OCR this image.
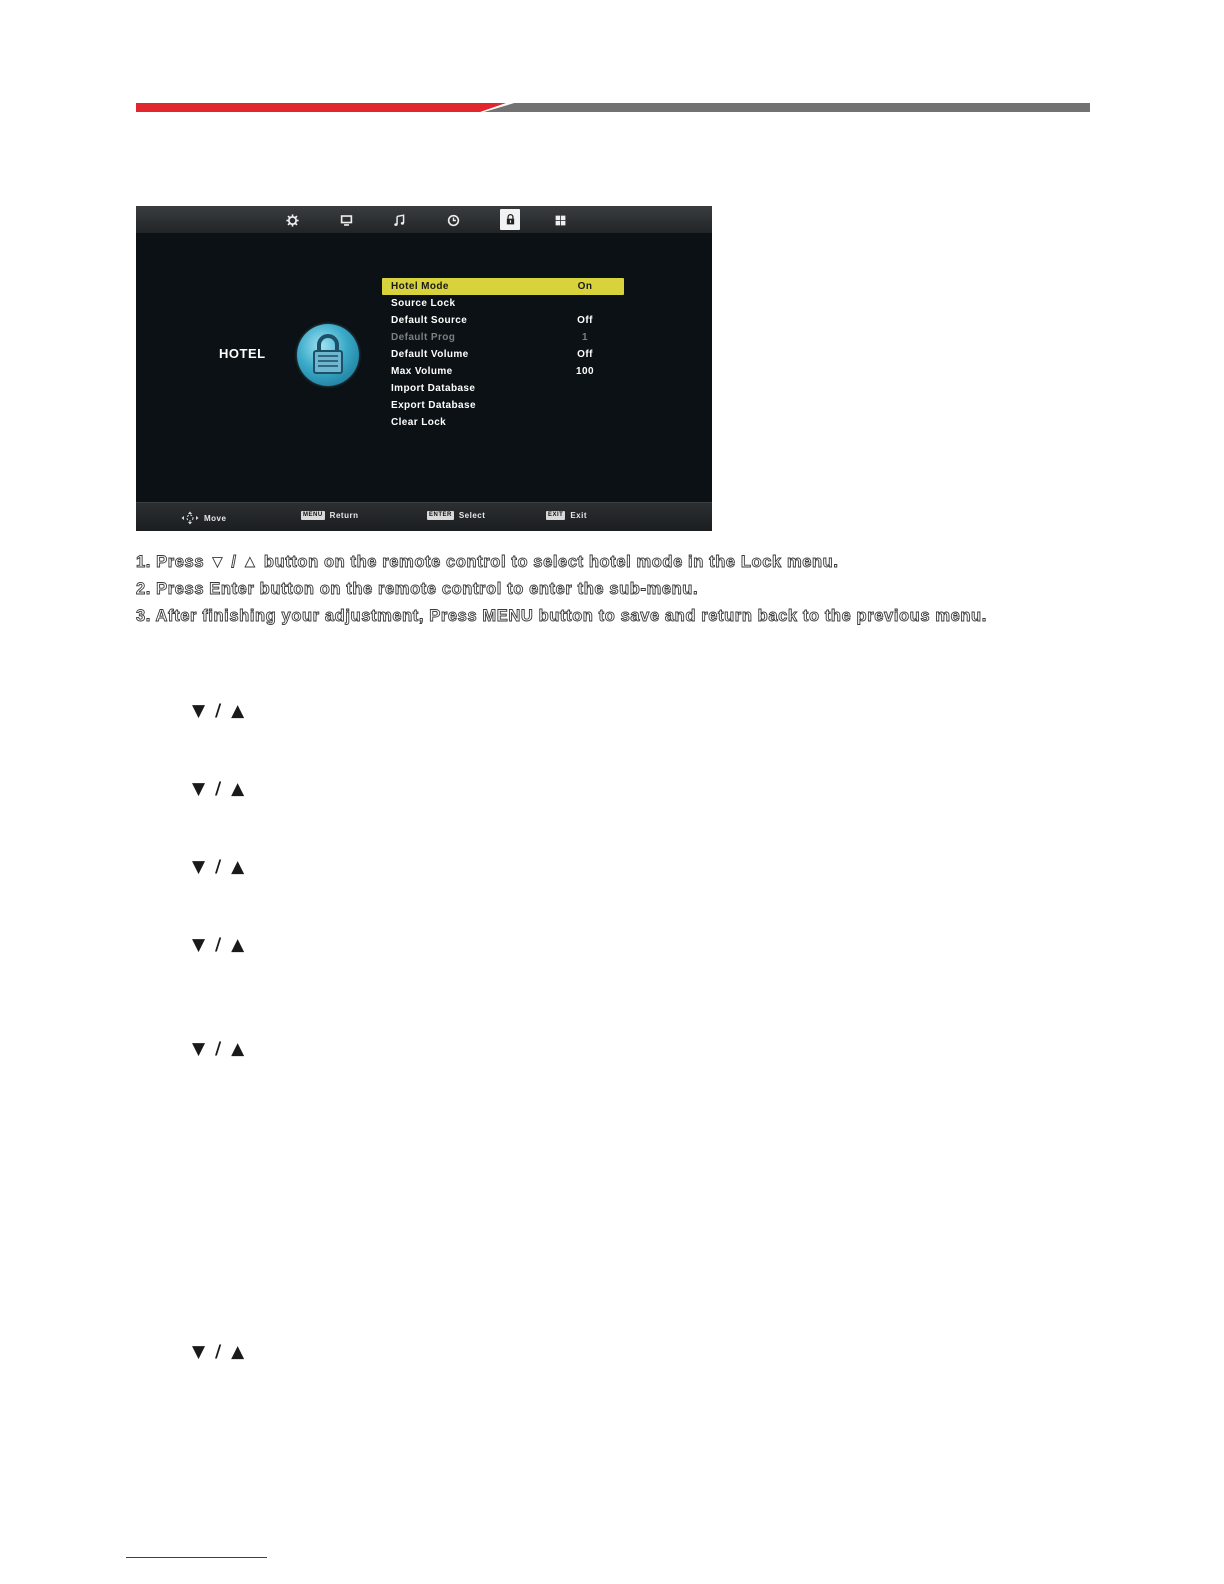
HOTEL
Hotel Mode	On
Source Lock
Default Source	Off
Default Prog	1
Default Volume	Off
Max Volume	100
Import Database
Export Database
Clear Lock
Move	MENU Return	ENTER Select	EXIT Exit
1. Press ▼ / ▲ button on the remote control to select hotel mode in the Lock menu.
2. Press Enter button on the remote control to enter the sub-menu.
3. After finishing your adjustment, Press MENU button to save and return back to the previous menu.
▼ / ▲
▼ / ▲
▼ / ▲
▼ / ▲
▼ / ▲
▼ / ▲
